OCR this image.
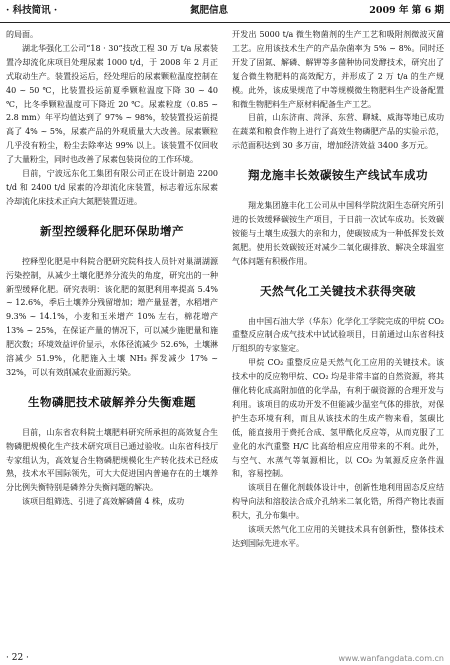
· 科技简讯 ·	氮肥信息	2009 年 第 6 期

的局面。

湖北华强化工公司“18 · 30”技改工程 30 万 t/a 尿素装置冷却流化床项目处理尿素 1000 t/d，于 2008 年 2 月正式取动生产。装置投运后，经处理后的尿素颗粒温度控制在 40 ~ 50 ℃，比装置投运前夏季颗粒温度下降 30 ~ 40 ℃，比冬季颗粒温度可下降近 20 ℃。尿素粒度（0.85 ~ 2.8 mm）年平均值达到了 97% ~ 98%，较装置投运前提高了 4% ~ 5%，尿素产品的外观质量大大改善。尿素颗粒几乎没有粉尘，粉尘去除率达 99% 以上。该装置不仅回收了大量粉尘，同时也改善了尿素包装岗位的工作环境。

目前，宁波远东化工集团有限公司正在设计制造 2200 t/d 和 2400 t/d 尿素的冷却流化床装置，标志着远东尿素冷却流化床技术正向大氮肥装置迈进。

新型控缓释化肥环保助增产

控释型化肥是中科院合肥研究院科技人员针对巢湖湖源污染控制，从减少土壤化肥养分流失的角度，研究出的一种新型缓释化肥。研究表明：该化肥的氮肥利用率提高 5.4% ~ 12.6%，季后土壤养分残留增加；增产量显著，水稻增产 9.3% ~ 14.1%，小麦和玉米增产 10% 左右，棉花增产 13% ~ 25%，在保证产量的情况下，可以减少施肥量和施肥次数；环境效益评价显示，水体径流减少 52.6%，土壤淋溶减少 51.9%，化肥施入土壤 NH₃ 挥发减少 17% ~ 32%，可以有效削减农业面源污染。

生物磷肥技术破解养分失衡难题

目前，山东省农科院土壤肥料研究所承担的高效复合生物磷肥规模化生产技术研究项目已通过验收。山东省科技厅专家组认为，高效复合生物磷肥规模化生产转化技术已经成熟，技术水平国际领先，可大大促进国内普遍存在的土壤养分比例失衡特别是磷养分失衡问题的解决。

该项目组筛选、引进了高效解磷菌 4 株，成功

开发出 5000 t/a 微生物菌剂的生产工艺和吸附剂微波灭菌工艺。应用该技术生产的产品杂菌率为 5% ~ 8%。同时还开发了固氮、解磷、解钾等多菌种协同发酵技术，研究出了复合微生物肥料的高效配方，并形成了 2 万 t/a 的生产规模。此外，该成果规范了中等规模微生物肥料生产设备配置和微生物肥料生产原材料配备生产工艺。

目前，山东济南、菏泽、东营、聊城、威海等地已成功在蔬菜和粮食作物上进行了高效生物磷肥产品的实验示范，示范面积达到 30 多万亩，增加经济效益 3400 多万元。

翔龙施丰长效碳铵生产线试车成功

翔龙集团施丰化工公司从中国科学院沈阳生态研究所引进的长效缓释碳铵生产项目，于日前一次试车成功。长效碳铵能与土壤生成强大的亲和力，使碳铵成为一种低挥发长效氮肥。使用长效碳铵还对减少二氧化碳排放、解决全球温室气体问题有积极作用。

天然气化工关键技术获得突破

由中国石油大学（华东）化学化工学院完成的甲烷 CO₂ 重整反应制合成气技术中试试验项目，日前通过山东省科技厅组织的专家鉴定。

甲烷 CO₂ 重整反应是天然气化工应用的关键技术。该技术中的反应物甲烷、CO₂ 均是非常丰富的自然资源，将其催化转化成高附加值的化学品，有利于碳资源的合理开发与利用。该项目的成功开发不但能减少温室气体的排放，对保护生态环境有利，而且从该技术的生成产物来看，氢碳比低，能直接用于费托合成、氢甲酰化反应等，从而克服了工业化的水汽重整 H/C 比高给相应应用带来的不利。此外，与空气、水蒸气等氧源相比，以 CO₂ 为氧源反应条件温和，容易控制。

该项目在催化剂载体设计中，创新性地利用固态反应结构导向法和溶胶法合成介孔纳米二氧化锆，所得产物比表面积大，孔分布集中。

该项天然气化工应用的关键技术具有创新性，整体技术达到国际先进水平。

· 22 ·	www.wanfangdata.com.cn
